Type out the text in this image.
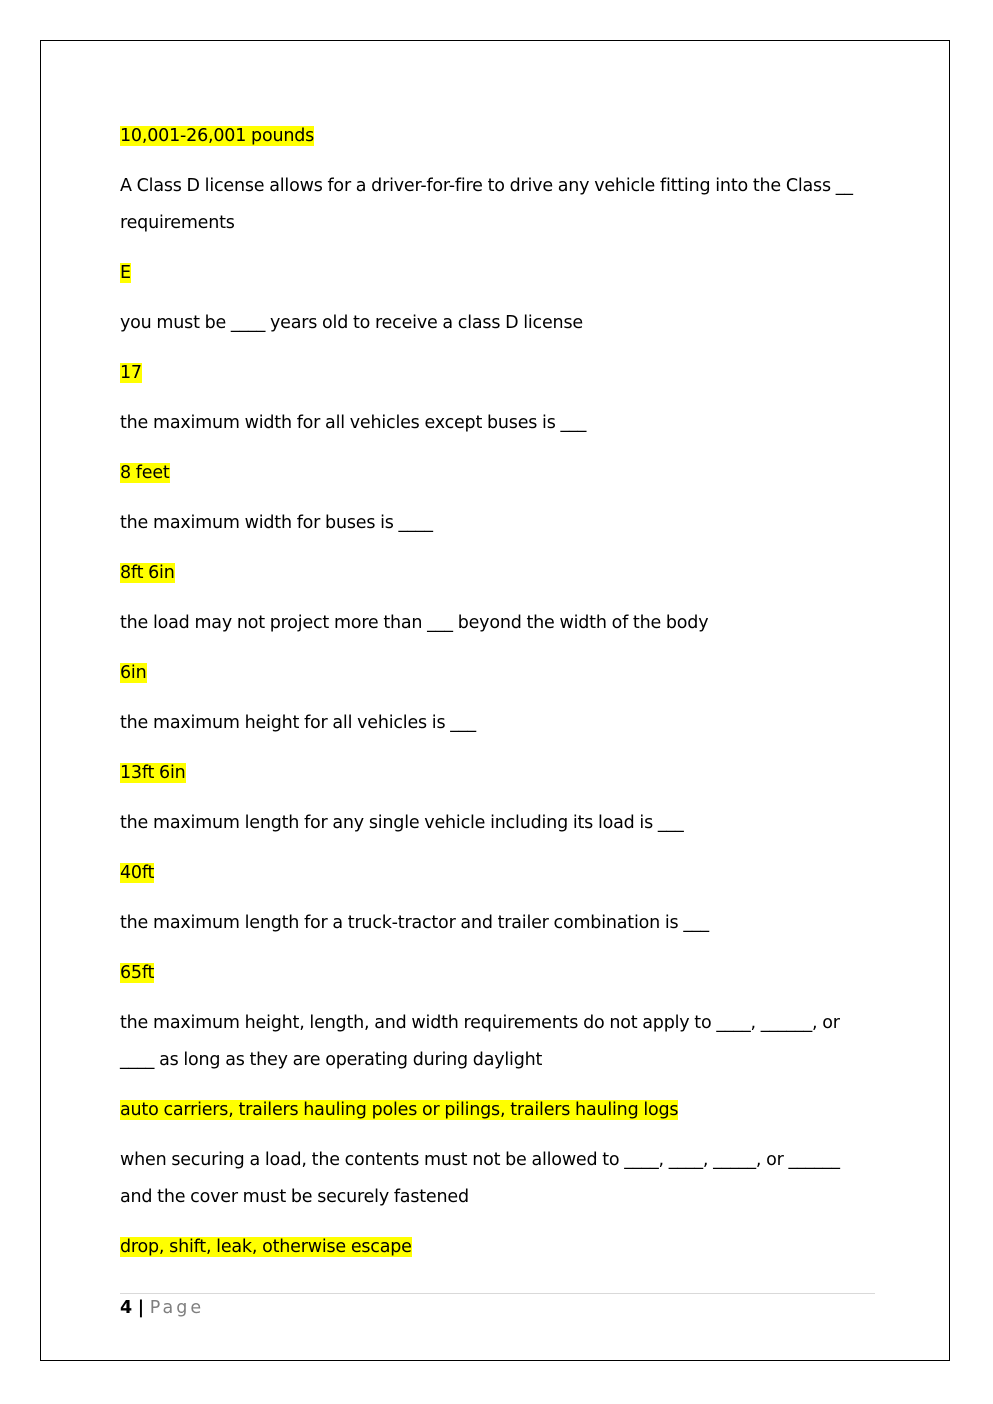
10,001-26,001 pounds

A Class D license allows for a driver-for-fire to drive any vehicle fitting into the Class __ requirements

E

you must be ____ years old to receive a class D license

17

the maximum width for all vehicles except buses is ___

8 feet

the maximum width for buses is ____

8ft 6in

the load may not project more than ___ beyond the width of the body

6in

the maximum height for all vehicles is ___

13ft 6in

the maximum length for any single vehicle including its load is ___

40ft

the maximum length for a truck-tractor and trailer combination is ___

65ft

the maximum height, length, and width requirements do not apply to ____, ______, or ____ as long as they are operating during daylight

auto carriers, trailers hauling poles or pilings, trailers hauling logs

when securing a load, the contents must not be allowed to ____, ____, _____, or ______ and the cover must be securely fastened

drop, shift, leak, otherwise escape

4 | Page
